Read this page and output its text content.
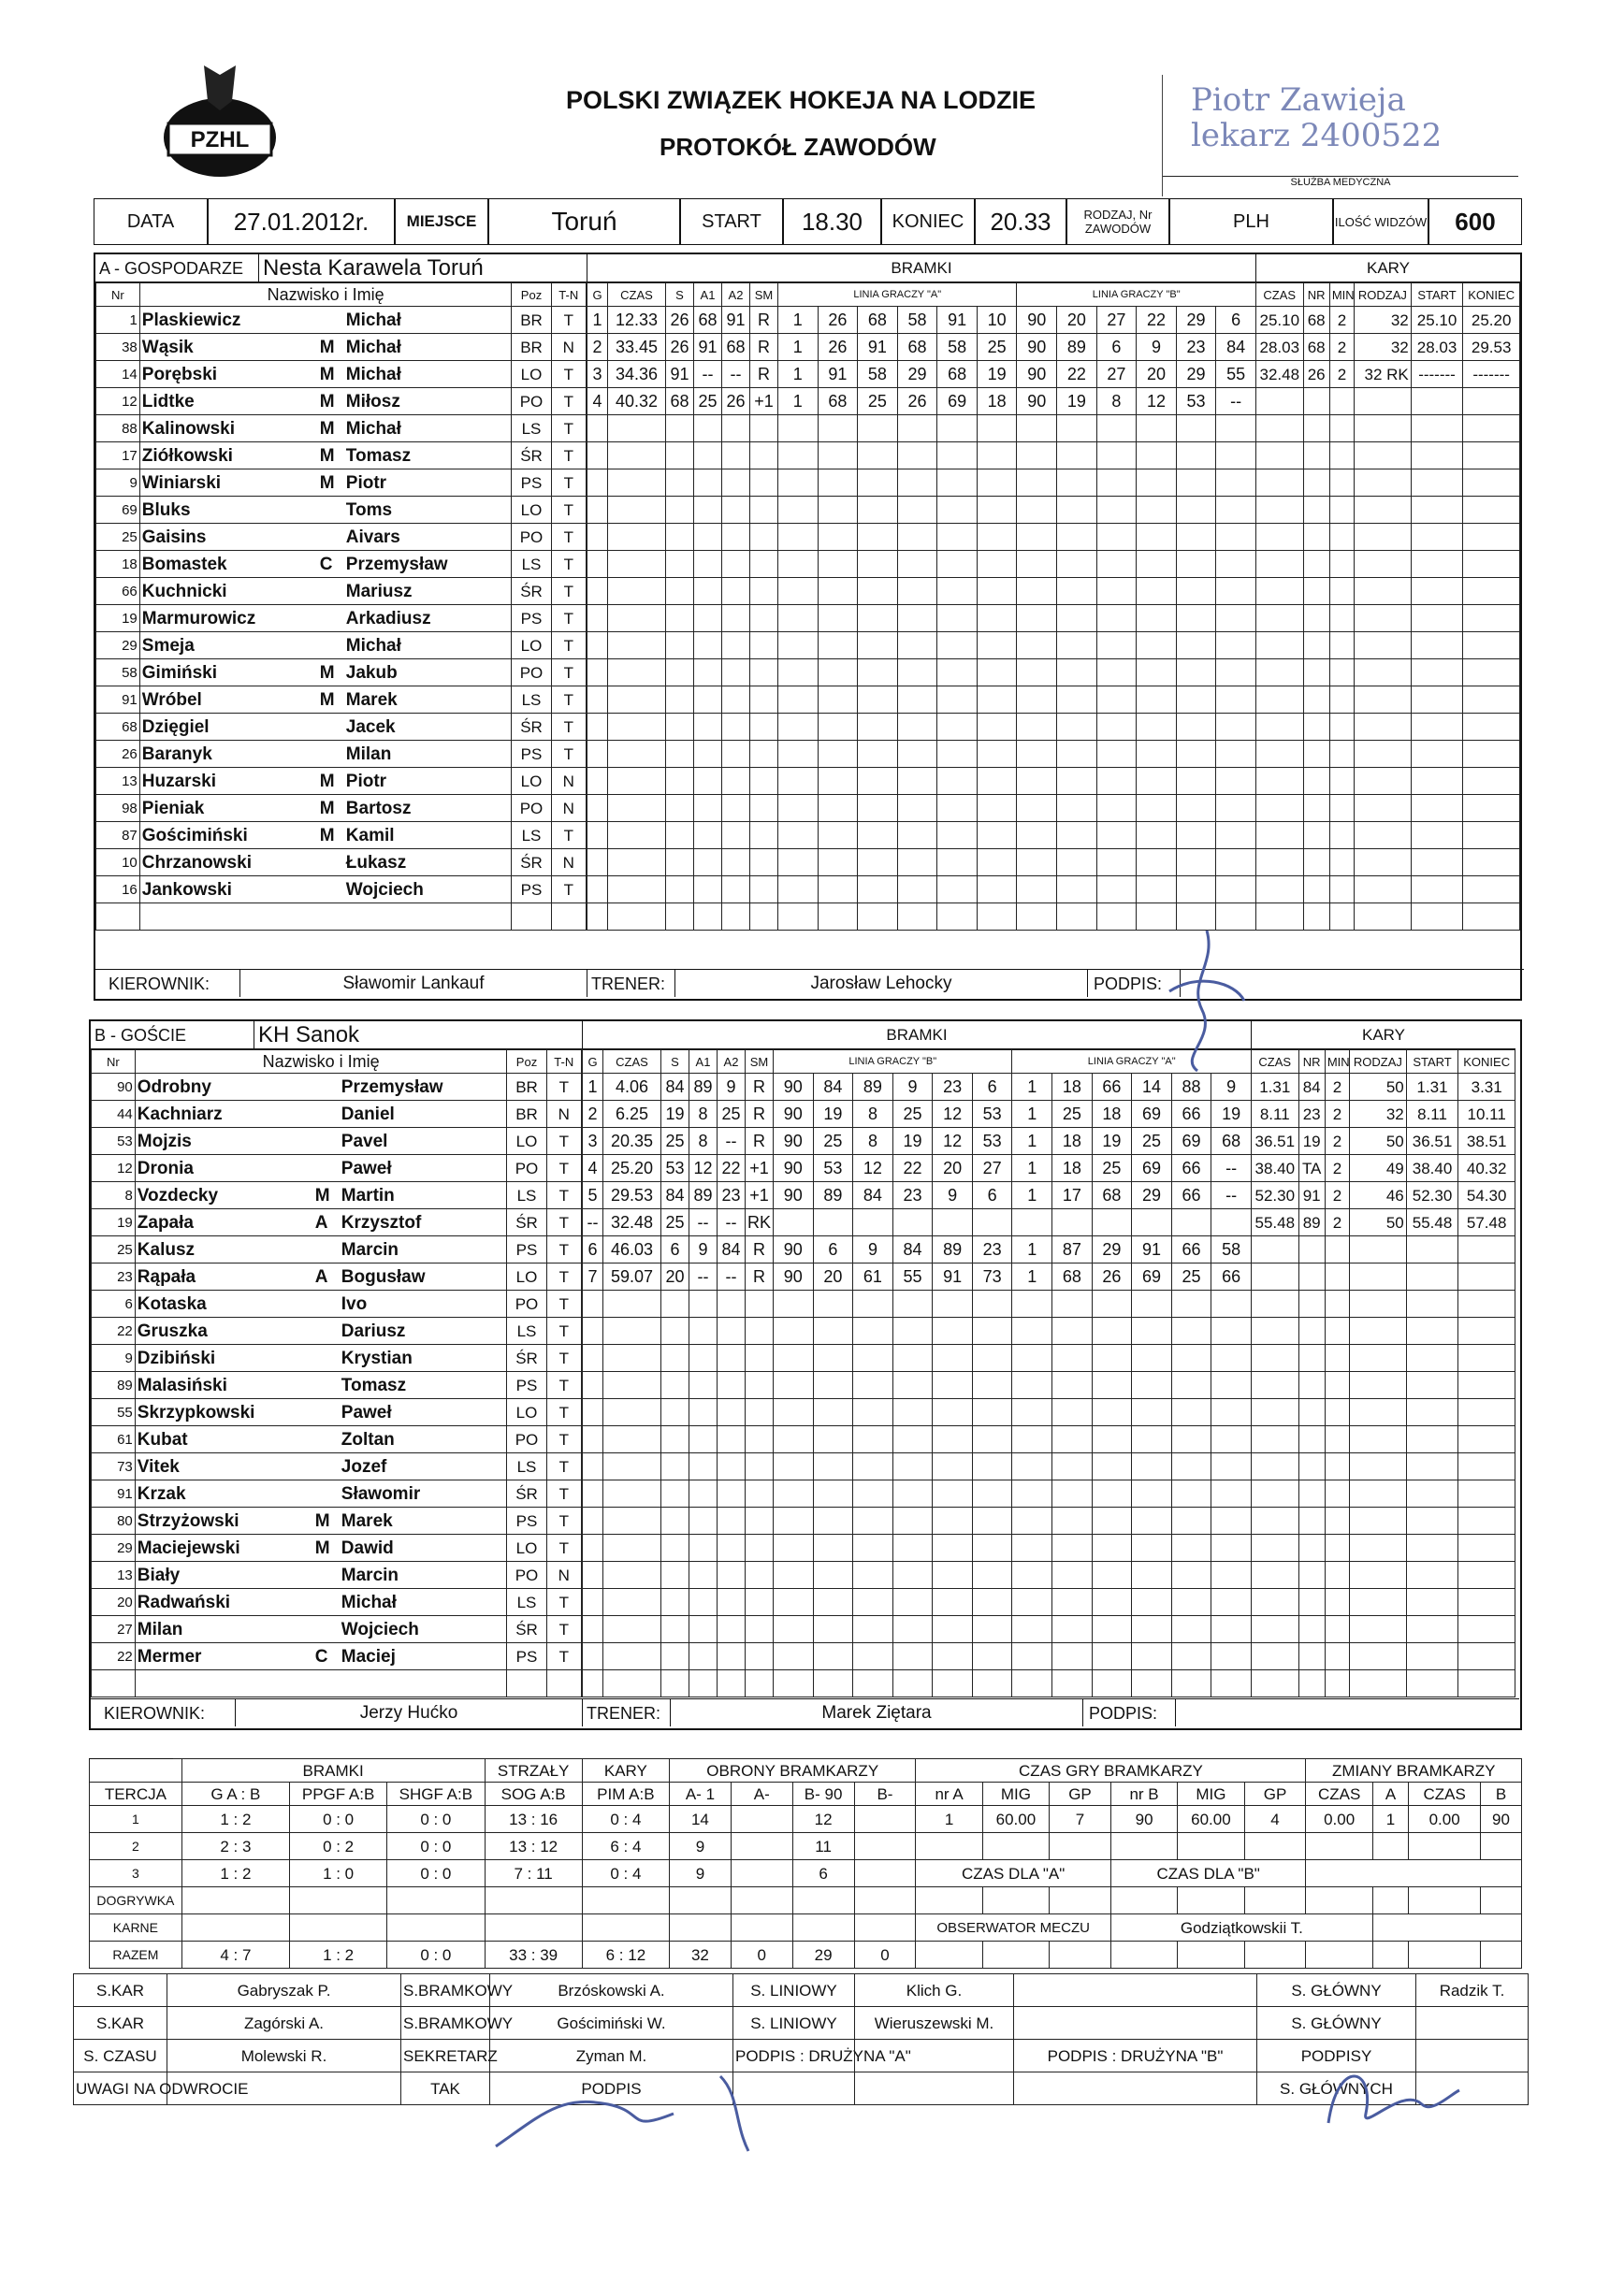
PZHL
POLSKI ZWIĄZEK HOKEJA NA LODZIE
PROTOKÓŁ ZAWODÓW
Piotr Zawieja lekarz 2400522
SŁUŻBA MEDYCZNA
DATA	27.01.2012r.	MIEJSCE	Toruń	START	18.30	KONIEC	20.33	RODZAJ, Nr ZAWODÓW	PLH	ILOŚĆ WIDZÓW	600
A - GOSPODARZE Nesta Karawela Toruń
Nr	Nazwisko i Imię	Poz	T-N
1	Plaskiewicz Michał	BR	T
38	Wąsik M Michał	BR	N
14	Porębski M Michał	LO	T
12	Lidtke M Miłosz	PO	T
88	Kalinowski M Michał	LS	T
17	Ziółkowski M Tomasz	ŚR	T
9	Winiarski M Piotr	PS	T
69	Bluks Toms	LO	T
25	Gaisins Aivars	PO	T
18	Bomastek C Przemysław	LS	T
66	Kuchnicki Mariusz	ŚR	T
19	Marmurowicz Arkadiusz	PS	T
29	Smeja Michał	LO	T
58	Gimiński M Jakub	PO	T
91	Wróbel M Marek	LS	T
68	Dzięgiel Jacek	ŚR	T
26	Baranyk Milan	PS	T
13	Huzarski M Piotr	LO	N
98	Pieniak M Bartosz	PO	N
87	Gościmiński M Kamil	LS	T
10	Chrzanowski Łukasz	ŚR	N
16	Jankowski Wojciech	PS	T

BRAMKI
G	CZAS	S	A1	A2	SM	LINIA GRACZY "A"						LINIA GRACZY "B"					
1	12.33	26	68	91	R	1	26	68	58	91	10	90	20	27	22	29	6
2	33.45	26	91	68	R	1	26	91	68	58	25	90	89	6	9	23	84
3	34.36	91	--	--	R	1	91	58	29	68	19	90	22	27	20	29	55
4	40.32	68	25	26	+1	1	68	25	26	69	18	90	19	8	12	53	--

KARY
CZAS	NR	MIN	RODZAJ	START	KONIEC
25.10	68	2	32	25.10	25.20
28.03	68	2	32	28.03	29.53
32.48	26	2	32 RK	-------	-------

KIEROWNIK:	Sławomir Lankauf	TRENER:	Jarosław Lehocky	PODPIS:
B - GOŚCIE	KH Sanok
Nr	Nazwisko i Imię	Poz	T-N
90	Odrobny Przemysław	BR	T
44	Kachniarz Daniel	BR	N
53	Mojzis Pavel	LO	T
12	Dronia Paweł	PO	T
8	Vozdecky M Martin	LS	T
19	Zapała A Krzysztof	ŚR	T
25	Kalusz Marcin	PS	T
23	Rąpała A Bogusław	LO	T
6	Kotaska Ivo	PO	T
22	Gruszka Dariusz	LS	T
9	Dzibiński Krystian	ŚR	T
89	Malasiński Tomasz	PS	T
55	Skrzypkowski Paweł	LO	T
61	Kubat Zoltan	PO	T
73	Vitek Jozef	LS	T
91	Krzak Sławomir	ŚR	T
80	Strzyżowski M Marek	PS	T
29	Maciejewski M Dawid	LO	T
13	Biały Marcin	PO	N
20	Radwański Michał	LS	T
27	Milan Wojciech	ŚR	T
22	Mermer C Maciej	PS	T

BRAMKI
G	CZAS	S	A1	A2	SM	LINIA GRACZY "B"						LINIA GRACZY "A"					
1	4.06	84	89	9	R	90	84	89	9	23	6	1	18	66	14	88	9
2	6.25	19	8	25	R	90	19	8	25	12	53	1	25	18	69	66	19
3	20.35	25	8	--	R	90	25	8	19	12	53	1	18	19	25	69	68
4	25.20	53	12	22	+1	90	53	12	22	20	27	1	18	25	69	66	--
5	29.53	84	89	23	+1	90	89	84	23	9	6	1	17	68	29	66	--
--	32.48	25	--	--	RK												
6	46.03	6	9	84	R	90	6	9	84	89	23	1	87	29	91	66	58
7	59.07	20	--	--	R	90	20	61	55	91	73	1	68	26	69	25	66

KARY
CZAS	NR	MIN	RODZAJ	START	KONIEC
1.31	84	2	50	1.31	3.31
8.11	23	2	32	8.11	10.11
36.51	19	2	50	36.51	38.51
38.40	TA	2	49	38.40	40.32
52.30	91	2	46	52.30	54.30
55.48	89	2	50	55.48	57.48

KIEROWNIK:	Jerzy Hućko	TRENER:	Marek Ziętara	PODPIS:
	BRAMKI			STRZAŁY	KARY	OBRONY BRAMKARZY				CZAS GRY BRAMKARZY						ZMIANY BRAMKARZY			
TERCJA	G A : B	PPGF A:B	SHGF A:B	SOG A:B	PIM A:B	A- 1	A-	B- 90	B-	nr A	MIG	GP	nr B	MIG	GP	CZAS	A	CZAS	B
1	1 : 2	0 : 0	0 : 0	13 : 16	0 : 4	14		12		1	60.00	7	90	60.00	4	0.00	1	0.00	90
2	2 : 3	0 : 2	0 : 0	13 : 12	6 : 4	9		11											
3	1 : 2	1 : 0	0 : 0	7 : 11	0 : 4	9		6		CZAS DLA "A"			CZAS DLA "B"						
DOGRYWKA																			
KARNE										OBSERWATOR MECZU			Godziątkowskii T.						
RAZEM	4 : 7	1 : 2	0 : 0	33 : 39	6 : 12	32	0	29	0										
S.KAR	Gabryszak P.	S.BRAMKOWY	Brzóskowski A.	S. LINIOWY	Klich G.		S. GŁÓWNY	Radzik T.
S.KAR	Zagórski A.	S.BRAMKOWY	Gościmiński W.	S. LINIOWY	Wieruszewski M.		S. GŁÓWNY	
S. CZASU	Molewski R.	SEKRETARZ	Zyman M.	PODPIS : DRUŻYNA "A"		PODPIS : DRUŻYNA "B"	PODPISY	
UWAGI NA ODWROCIE		TAK	PODPIS				S. GŁÓWNYCH	
